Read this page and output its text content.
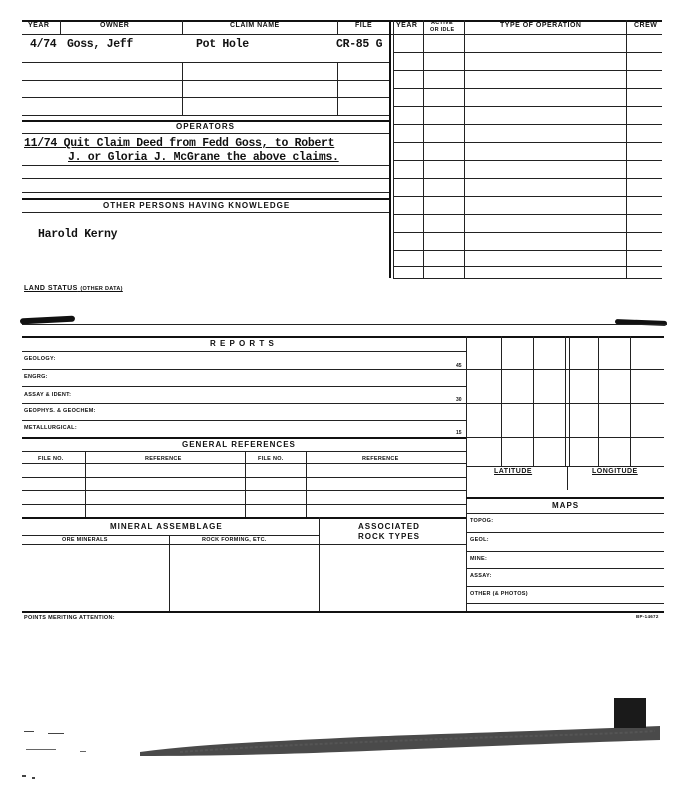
YEAR	OWNER	CLAIM NAME	FILE	YEAR ACTIVE
OR IDLE
TYPE OF OPERATION	CREW
4/74 Goss, Jeff	Pot Hole	CR-85 G
OPERATORS
11/74 Quit Claim Deed from Fedd Goss, to Robert
J. or Gloria J. McGrane the above claims.
OTHER PERSONS HAVING KNOWLEDGE
Harold Kerny
LAND STATUS (OTHER DATA)
R E P O R T S
GEOLOGY:
45
ENGRG:
ASSAY & IDENT:
30
GEOPHYS. & GEOCHEM:
METALLURGICAL:
15
GENERAL REFERENCES
FILE NO.	REFERENCE	FILE NO.	REFERENCE
MINERAL ASSEMBLAGE	ASSOCIATED
ROCK TYPES
ORE MINERALS	ROCK FORMING, ETC.
LATITUDE	LONGITUDE
MAPS
TOPOG:
GEOL:
MINE:
ASSAY:
OTHER (& PHOTOS)
POINTS MERITING ATTENTION:	BP-14672
